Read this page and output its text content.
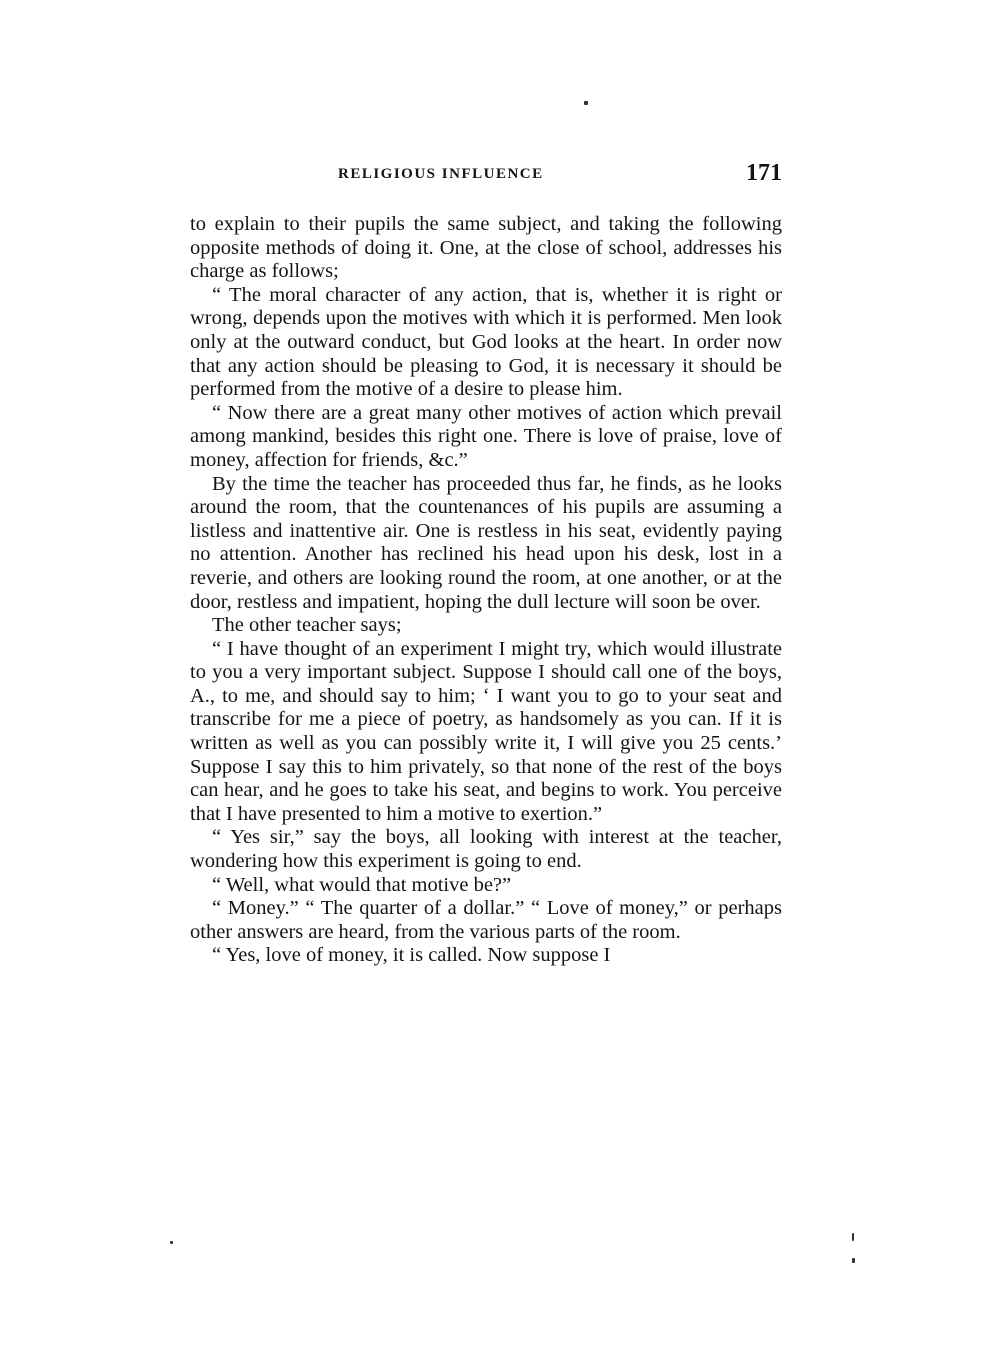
RELIGIOUS INFLUENCE	171

to explain to their pupils the same subject, and taking the following opposite methods of doing it. One, at the close of school, addresses his charge as follows;

“ The moral character of any action, that is, whether it is right or wrong, depends upon the motives with which it is performed. Men look only at the outward conduct, but God looks at the heart. In order now that any action should be pleasing to God, it is necessary it should be performed from the motive of a desire to please him.

“ Now there are a great many other motives of action which prevail among mankind, besides this right one. There is love of praise, love of money, affection for friends, &c.”

By the time the teacher has proceeded thus far, he finds, as he looks around the room, that the countenances of his pupils are assuming a listless and inattentive air. One is restless in his seat, evidently paying no attention. Another has reclined his head upon his desk, lost in a reverie, and others are looking round the room, at one another, or at the door, restless and impatient, hoping the dull lecture will soon be over.

The other teacher says;

“ I have thought of an experiment I might try, which would illustrate to you a very important subject. Suppose I should call one of the boys, A., to me, and should say to him; ‘ I want you to go to your seat and transcribe for me a piece of poetry, as handsomely as you can. If it is written as well as you can possibly write it, I will give you 25 cents.’ Suppose I say this to him privately, so that none of the rest of the boys can hear, and he goes to take his seat, and begins to work. You perceive that I have presented to him a motive to exertion.”

“ Yes sir,” say the boys, all looking with interest at the teacher, wondering how this experiment is going to end.

“ Well, what would that motive be?”

“ Money.” “ The quarter of a dollar.” “ Love of money,” or perhaps other answers are heard, from the various parts of the room.

“ Yes, love of money, it is called. Now suppose I
